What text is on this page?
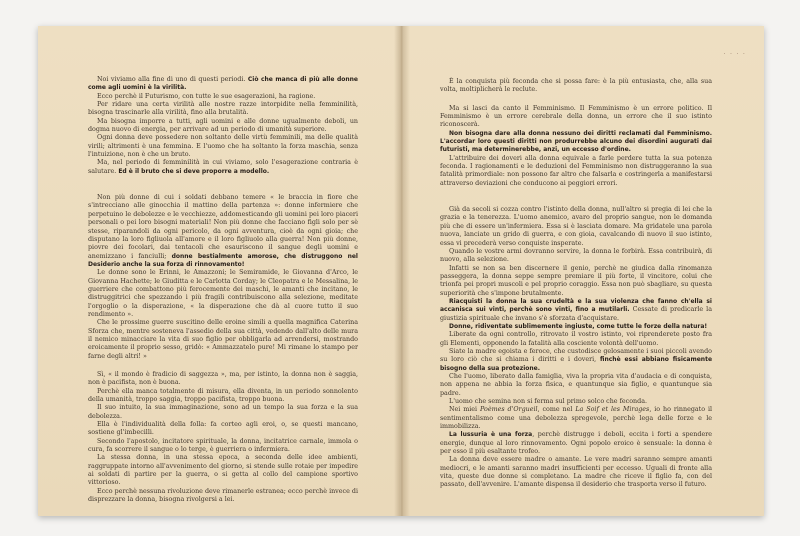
Noi viviamo alla fine di uno di questi periodi. Ciò che manca di più alle donne come agli uomini è la virilità.

Ecco perchè il Futurismo, con tutte le sue esagerazioni, ha ragione.

Per ridare una certa virilità alle nostre razze intorpidite nella femminilità, bisogna trascinarle alla virilità, fino alla brutalità.

Ma bisogna imporre a tutti, agli uomini e alle donne ugualmente deboli, un dogma nuovo di energia, per arrivare ad un periodo di umanità superiore.

Ogni donna deve possedere non soltanto delle virtù femminili, ma delle qualità virili; altrimenti è una femmina. E l'uomo che ha soltanto la forza maschia, senza l'intuizione, non è che un bruto.

Ma, nel periodo di femminilità in cui viviamo, solo l'esagerazione contraria è salutare. Ed è il bruto che si deve proporre a modello.

Non più donne di cui i soldati debbano temere « le braccia in fiore che s'intrecciano alle ginocchia il mattino della partenza »: donne infermiere che perpetuino le debolezze e le vecchiezze, addomesticando gli uomini pei loro piaceri personali o pei loro bisogni materiali! Non più donne che facciano figli solo per sè stesse, riparandoli da ogni pericolo, da ogni avventura, cioè da ogni gioia; che disputano la loro figliuola all'amore e il loro figliuolo alla guerra! Non più donne, piovre dei focolari, dai tentacoli che esauriscono il sangue degli uomini e anemizzano i fanciulli; donne bestialmente amorose, che distruggono nel Desiderio anche la sua forza di rinnovamento!

Le donne sono le Erinni, le Amazzoni; le Semiramide, le Giovanna d'Arco, le Giovanna Hachette; le Giuditta e le Carlotta Corday; le Cleopatra e le Messalina, le guerriere che combattono più ferocemente dei maschi, le amanti che incitano, le distruggitrici che spezzando i più fragili contribuiscono alla selezione, meditate l'orgoglio o la disperazione, « la disperazione che dà al cuore tutto il suo rendimento ».

Che le prossime guerre suscitino delle eroine simili a quella magnifica Caterina Sforza che, mentre sosteneva l'assedio della sua città, vedendo dall'alto delle mura il nemico minacciare la vita di suo figlio per obbligarla ad arrendersi, mostrando eroicamente il proprio sesso, gridò: « Ammazzatelo pure! Mi rimane lo stampo per farne degli altri! »

Sì, « il mondo è fradicio di saggezza », ma, per istinto, la donna non è saggia, non è pacifista, non è buona.

Perchè ella manca totalmente di misura, ella diventa, in un periodo sonnolento della umanità, troppo saggia, troppo pacifista, troppo buona.

Il suo intuito, la sua immaginazione, sono ad un tempo la sua forza e la sua debolezza.

Ella è l'individualità della folla: fa corteo agli eroi, o, se questi mancano, sostiene gl'imbecilli.

Secondo l'apostolo, incitatore spirituale, la donna, incitatrice carnale, immola o cura, fa scorrere il sangue o lo terge, è guerriera o infermiera.

La stessa donna, in una stessa epoca, a seconda delle idee ambienti, raggruppate intorno all'avvenimento del giorno, si stende sulle rotaie per impedire ai soldati di partire per la guerra, o si getta al collo del campione sportivo vittorioso.

Ecco perchè nessuna rivoluzione deve rimanerle estranea; ecco perchè invece di disprezzare la donna, bisogna rivolgersi a lei.

· · · ·

È la conquista più feconda che si possa fare: è la più entusiasta, che, alla sua volta, moltiplicherà le reclute.

Ma si lasci da canto il Femminismo. Il Femminismo è un errore politico. Il Femminismo è un errore cerebrale della donna, un errore che il suo istinto riconoscerà.

Non bisogna dare alla donna nessuno dei diritti reclamati dal Femminismo. L'accordar loro questi diritti non produrrebbe alcuno dei disordini augurati dai futuristi, ma determinerebbe, anzi, un eccesso d'ordine.

L'attribuire dei doveri alla donna equivale a farle perdere tutta la sua potenza feconda. I ragionamenti e le deduzioni del Femminismo non distruggeranno la sua fatalità primordiale: non possono far altro che falsarla e costringerla a manifestarsi attraverso deviazioni che conducono ai peggiori errori.

Già da secoli si cozza contro l'istinto della donna, null'altro si pregia di lei che la grazia e la tenerezza. L'uomo anemico, avaro del proprio sangue, non le domanda più che di essere un'infermiera. Essa si è lasciata domare. Ma gridatele una parola nuova, lanciate un grido di guerra, e con gioia, cavalcando di nuovo il suo istinto, essa vi precederà verso conquiste insperate.

Quando le vostre armi dovranno servire, la donna le forbirà. Essa contribuirà, di nuovo, alla selezione.

Infatti se non sa ben discernere il genio, perchè ne giudica dalla rinomanza passeggera, la donna seppe sempre premiare il più forte, il vincitore, colui che trionfa pei propri muscoli e pel proprio coraggio. Essa non può sbagliare, su questa superiorità che s'impone brutalmente.

Riacquisti la donna la sua crudeltà e la sua violenza che fanno ch'ella si accanisca sui vinti, perchè sono vinti, fino a mutilarli. Cessate di predicarle la giustizia spirituale che invano s'è sforzata d'acquistare.

Donne, ridiventate sublimemente ingiuste, come tutte le forze della natura!

Liberate da ogni controllo, ritrovato il vostro istinto, voi riprenderete posto fra gli Elementi, opponendo la fatalità alla cosciente volontà dell'uomo.

Siate la madre egoista e feroce, che custodisce gelosamente i suoi piccoli avendo su loro ciò che si chiama i diritti e i doveri, finchè essi abbiano fisicamente bisogno della sua protezione.

Che l'uomo, liberato dalla famiglia, viva la propria vita d'audacia e di conquista, non appena ne abbia la forza fisica, e quantunque sia figlio, e quantunque sia padre.

L'uomo che semina non si ferma sul primo solco che feconda.

Nei miei Poèmes d'Orgueil, come nel La Soif et les Mirages, io ho rinnegato il sentimentalismo come una debolezza spregevole, perchè lega delle forze e le immobilizza.

La lussuria è una forza, perchè distrugge i deboli, eccita i forti a spendere energie, dunque al loro rinnovamento. Ogni popolo eroico è sensuale: la donna è per esso il più esaltante trofeo.

La donna deve essere madre o amante. Le vere madri saranno sempre amanti mediocri, e le amanti saranno madri insufficienti per eccesso. Uguali di fronte alla vita, queste due donne si completano. La madre che riceve il figlio fa, con del passato, dell'avvenire. L'amante dispensa il desiderio che trasporta verso il futuro.
